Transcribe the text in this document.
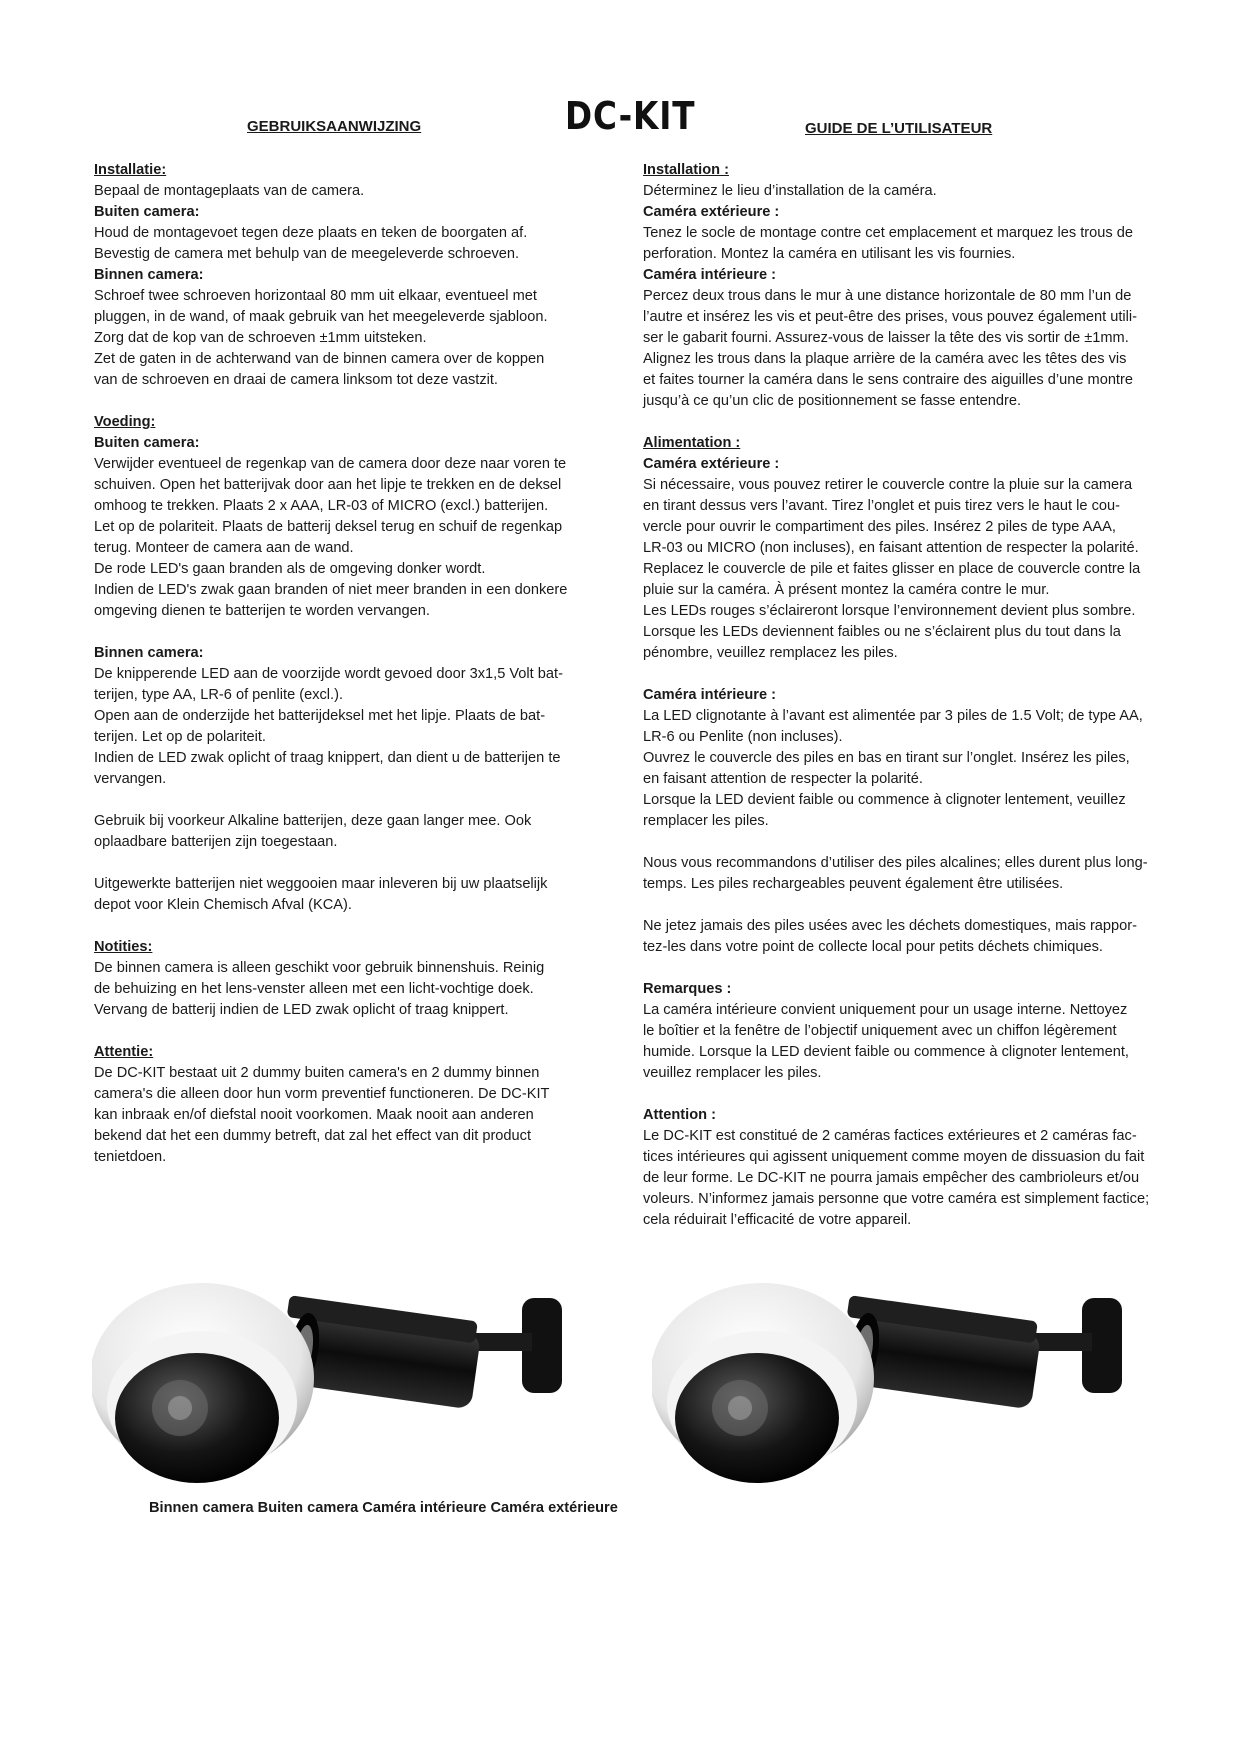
GEBRUIKSAANWIJZING	DC-KIT	GUIDE DE L’UTILISATEUR
Installatie:
Bepaal de montageplaats van de camera.
Buiten camera:
Houd de montagevoet tegen deze plaats en teken de boorgaten af.
Bevestig de camera met behulp van de meegeleverde schroeven.
Binnen camera:
Schroef twee schroeven horizontaal 80 mm uit elkaar, eventueel met
pluggen, in de wand, of maak gebruik van het meegeleverde sjabloon.
Zorg dat de kop van de schroeven ±1mm uitsteken.
Zet de gaten in de achterwand van de binnen camera over de koppen
van de schroeven en draai de camera linksom tot deze vastzit.
Voeding:
Buiten camera:
Verwijder eventueel de regenkap van de camera door deze naar voren te
schuiven. Open het batterijvak door aan het lipje te trekken en de deksel
omhoog te trekken. Plaats 2 x AAA, LR-03 of MICRO (excl.) batterijen.
Let op de polariteit. Plaats de batterij deksel terug en schuif de regenkap
terug. Monteer de camera aan de wand.
De rode LED's gaan branden als de omgeving donker wordt.
Indien de LED's zwak gaan branden of niet meer branden in een donkere
omgeving dienen te batterijen te worden vervangen.
Binnen camera:
De knipperende LED aan de voorzijde wordt gevoed door 3x1,5 Volt bat-
terijen, type AA, LR-6 of penlite (excl.).
Open aan de onderzijde het batterijdeksel met het lipje. Plaats de bat-
terijen. Let op de polariteit.
Indien de LED zwak oplicht of traag knippert, dan dient u de batterijen te
vervangen.
Gebruik bij voorkeur Alkaline batterijen, deze gaan langer mee. Ook
oplaadbare batterijen zijn toegestaan.
Uitgewerkte batterijen niet weggooien maar inleveren bij uw plaatselijk
depot voor Klein Chemisch Afval (KCA).
Notities:
De binnen camera is alleen geschikt voor gebruik binnenshuis. Reinig
de behuizing en het lens-venster alleen met een licht-vochtige doek.
Vervang de batterij indien de LED zwak oplicht of traag knippert.
Attentie:
De DC-KIT bestaat uit 2 dummy buiten camera's en 2 dummy binnen
camera's die alleen door hun vorm preventief functioneren. De DC-KIT
kan inbraak en/of diefstal nooit voorkomen. Maak nooit aan anderen
bekend dat het een dummy betreft, dat zal het effect van dit product
tenietdoen.
Installation :
Déterminez le lieu d’installation de la caméra.
Caméra extérieure :
Tenez le socle de montage contre cet emplacement et marquez les trous de
perforation. Montez la caméra en utilisant les vis fournies.
Caméra intérieure :
Percez deux trous dans le mur à une distance horizontale de 80 mm l’un de
l’autre et insérez les vis et peut-être des prises, vous pouvez également utili-
ser le gabarit fourni. Assurez-vous de laisser la tête des vis sortir de ±1mm.
Alignez les trous dans la plaque arrière de la caméra avec les têtes des vis
et faites tourner la caméra dans le sens contraire des aiguilles d’une montre
jusqu’à ce qu’un clic de positionnement se fasse entendre.
Alimentation :
Caméra extérieure :
Si nécessaire, vous pouvez retirer le couvercle contre la pluie sur la camera
en tirant dessus vers l’avant. Tirez l’onglet et puis tirez vers le haut le cou-
vercle pour ouvrir le compartiment des piles. Insérez 2 piles de type AAA,
LR-03 ou MICRO (non incluses), en faisant attention de respecter la polarité.
Replacez le couvercle de pile et faites glisser en place de couvercle contre la
pluie sur la caméra. À présent montez la caméra contre le mur.
Les LEDs rouges s’éclaireront lorsque l’environnement devient plus sombre.
Lorsque les LEDs deviennent faibles ou ne s’éclairent plus du tout dans la
pénombre, veuillez remplacez les piles.
Caméra intérieure :
La LED clignotante à l’avant est alimentée par 3 piles de 1.5 Volt; de type AA,
LR-6 ou Penlite (non incluses).
Ouvrez le couvercle des piles en bas en tirant sur l’onglet. Insérez les piles,
en faisant attention de respecter la polarité.
Lorsque la LED devient faible ou commence à clignoter lentement, veuillez
remplacer les piles.
Nous vous recommandons d’utiliser des piles alcalines; elles durent plus long-
temps. Les piles rechargeables peuvent également être utilisées.
Ne jetez jamais des piles usées avec les déchets domestiques, mais rappor-
tez-les dans votre point de collecte local pour petits déchets chimiques.
Remarques :
La caméra intérieure convient uniquement pour un usage interne. Nettoyez
le boîtier et la fenêtre de l’objectif uniquement avec un chiffon légèrement
humide. Lorsque la LED devient faible ou commence à clignoter lentement,
veuillez remplacer les piles.
Attention :
Le DC-KIT est constitué de 2 caméras factices extérieures et 2 caméras fac-
tices intérieures qui agissent uniquement comme moyen de dissuasion du fait
de leur forme. Le DC-KIT ne pourra jamais empêcher des cambrioleurs et/ou
voleurs. N’informez jamais personne que votre caméra est simplement factice;
cela réduirait l’efficacité de votre appareil.
Binnen camera Buiten camera Caméra intérieure Caméra extérieure
